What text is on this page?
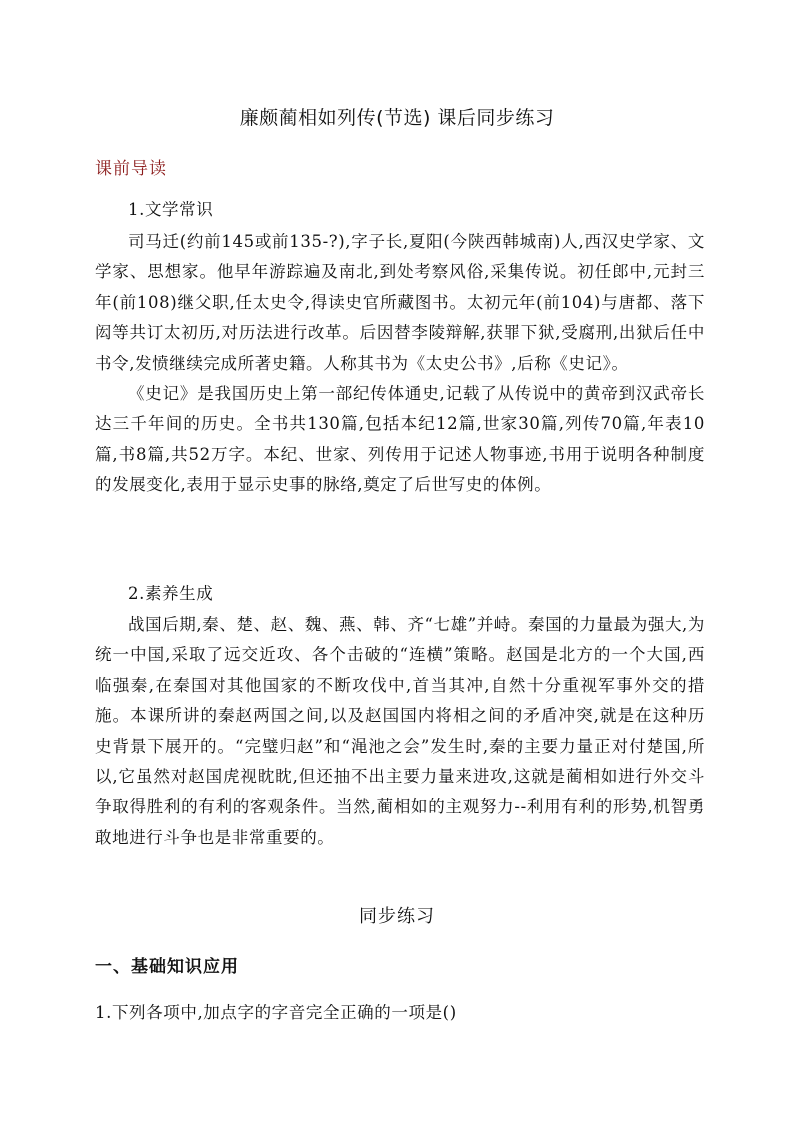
廉颇蔺相如列传(节选) 课后同步练习
课前导读
1.文学常识

司马迁(约前145或前135-?),字子长,夏阳(今陕西韩城南)人,西汉史学家、文学家、思想家。他早年游踪遍及南北,到处考察风俗,采集传说。初任郎中,元封三年(前108)继父职,任太史令,得读史官所藏图书。太初元年(前104)与唐都、落下闳等共订太初历,对历法进行改革。后因替李陵辩解,获罪下狱,受腐刑,出狱后任中书令,发愤继续完成所著史籍。人称其书为《太史公书》,后称《史记》。

《史记》是我国历史上第一部纪传体通史,记载了从传说中的黄帝到汉武帝长达三千年间的历史。全书共130篇,包括本纪12篇,世家30篇,列传70篇,年表10篇,书8篇,共52万字。本纪、世家、列传用于记述人物事迹,书用于说明各种制度的发展变化,表用于显示史事的脉络,奠定了后世写史的体例。

2.素养生成

战国后期,秦、楚、赵、魏、燕、韩、齐“七雄”并峙。秦国的力量最为强大,为统一中国,采取了远交近攻、各个击破的“连横”策略。赵国是北方的一个大国,西临强秦,在秦国对其他国家的不断攻伐中,首当其冲,自然十分重视军事外交的措施。本课所讲的秦赵两国之间,以及赵国国内将相之间的矛盾冲突,就是在这种历史背景下展开的。“完璧归赵”和“渑池之会”发生时,秦的主要力量正对付楚国,所以,它虽然对赵国虎视眈眈,但还抽不出主要力量来进攻,这就是蔺相如进行外交斗争取得胜利的有利的客观条件。当然,蔺相如的主观努力--利用有利的形势,机智勇敢地进行斗争也是非常重要的。

同步练习
一、基础知识应用
1.下列各项中,加点字的字音完全正确的一项是()
